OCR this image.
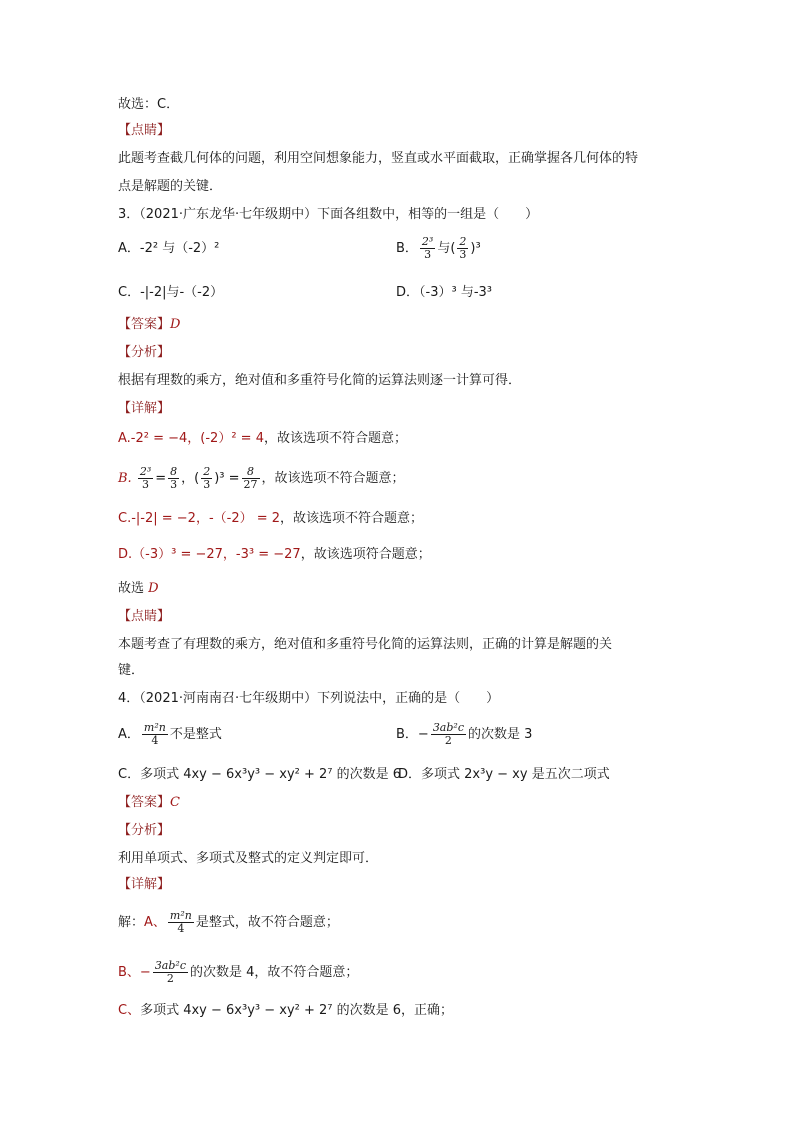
故选：C．
【点睛】
此题考查截几何体的问题，利用空间想象能力，竖直或水平面截取，正确掌握各几何体的特
点是解题的关键．
3．（2021·广东龙华·七年级期中）下面各组数中，相等的一组是（　　）
A．-2² 与（-2）²	B． $\frac{\text{2³}}{3}$ 与( $\frac{2}{3} )^3$
C．-|-2|与-（-2）	D．（-3）³ 与-3³
【答案】D
【分析】
根据有理数的乘方，绝对值和多重符号化简的运算法则逐一计算可得．
【详解】
A.-2² = −4，(-2）² = 4，故该选项不符合题意；
B. $\frac{\text{2³}}{3} = \frac{8}{3}$ ，( $\frac{2}{3} )^3 = \frac{8}{27}$ ，故该选项不符合题意；
C.-|-2| = −2，-（-2） = 2，故该选项不符合题意；
D.（-3）³ = −27，-3³ = −27，故该选项符合题意；
故选 D
【点睛】
本题考查了有理数的乘方，绝对值和多重符号化简的运算法则，正确的计算是解题的关
键．
4．（2021·河南南召·七年级期中）下列说法中，正确的是（　　）
A． $\frac{\text{m²n}}{4}$ 不是整式	B．− $\frac{\text{3ab²c}}{2}$ 的次数是 3
C．多项式 4xy − 6x³y³ − xy² + 2⁷ 的次数是 6
D．多项式 2x³y − xy 是五次二项式
【答案】C
【分析】
利用单项式、多项式及整式的定义判定即可．
【详解】
解：A、 $\frac{\text{m²n}}{4}$ 是整式，故不符合题意；
B、− $\frac{\text{3ab²c}}{2}$ 的次数是 4，故不符合题意；
C、多项式 4xy − 6x³y³ − xy² + 2⁷ 的次数是 6，正确；
